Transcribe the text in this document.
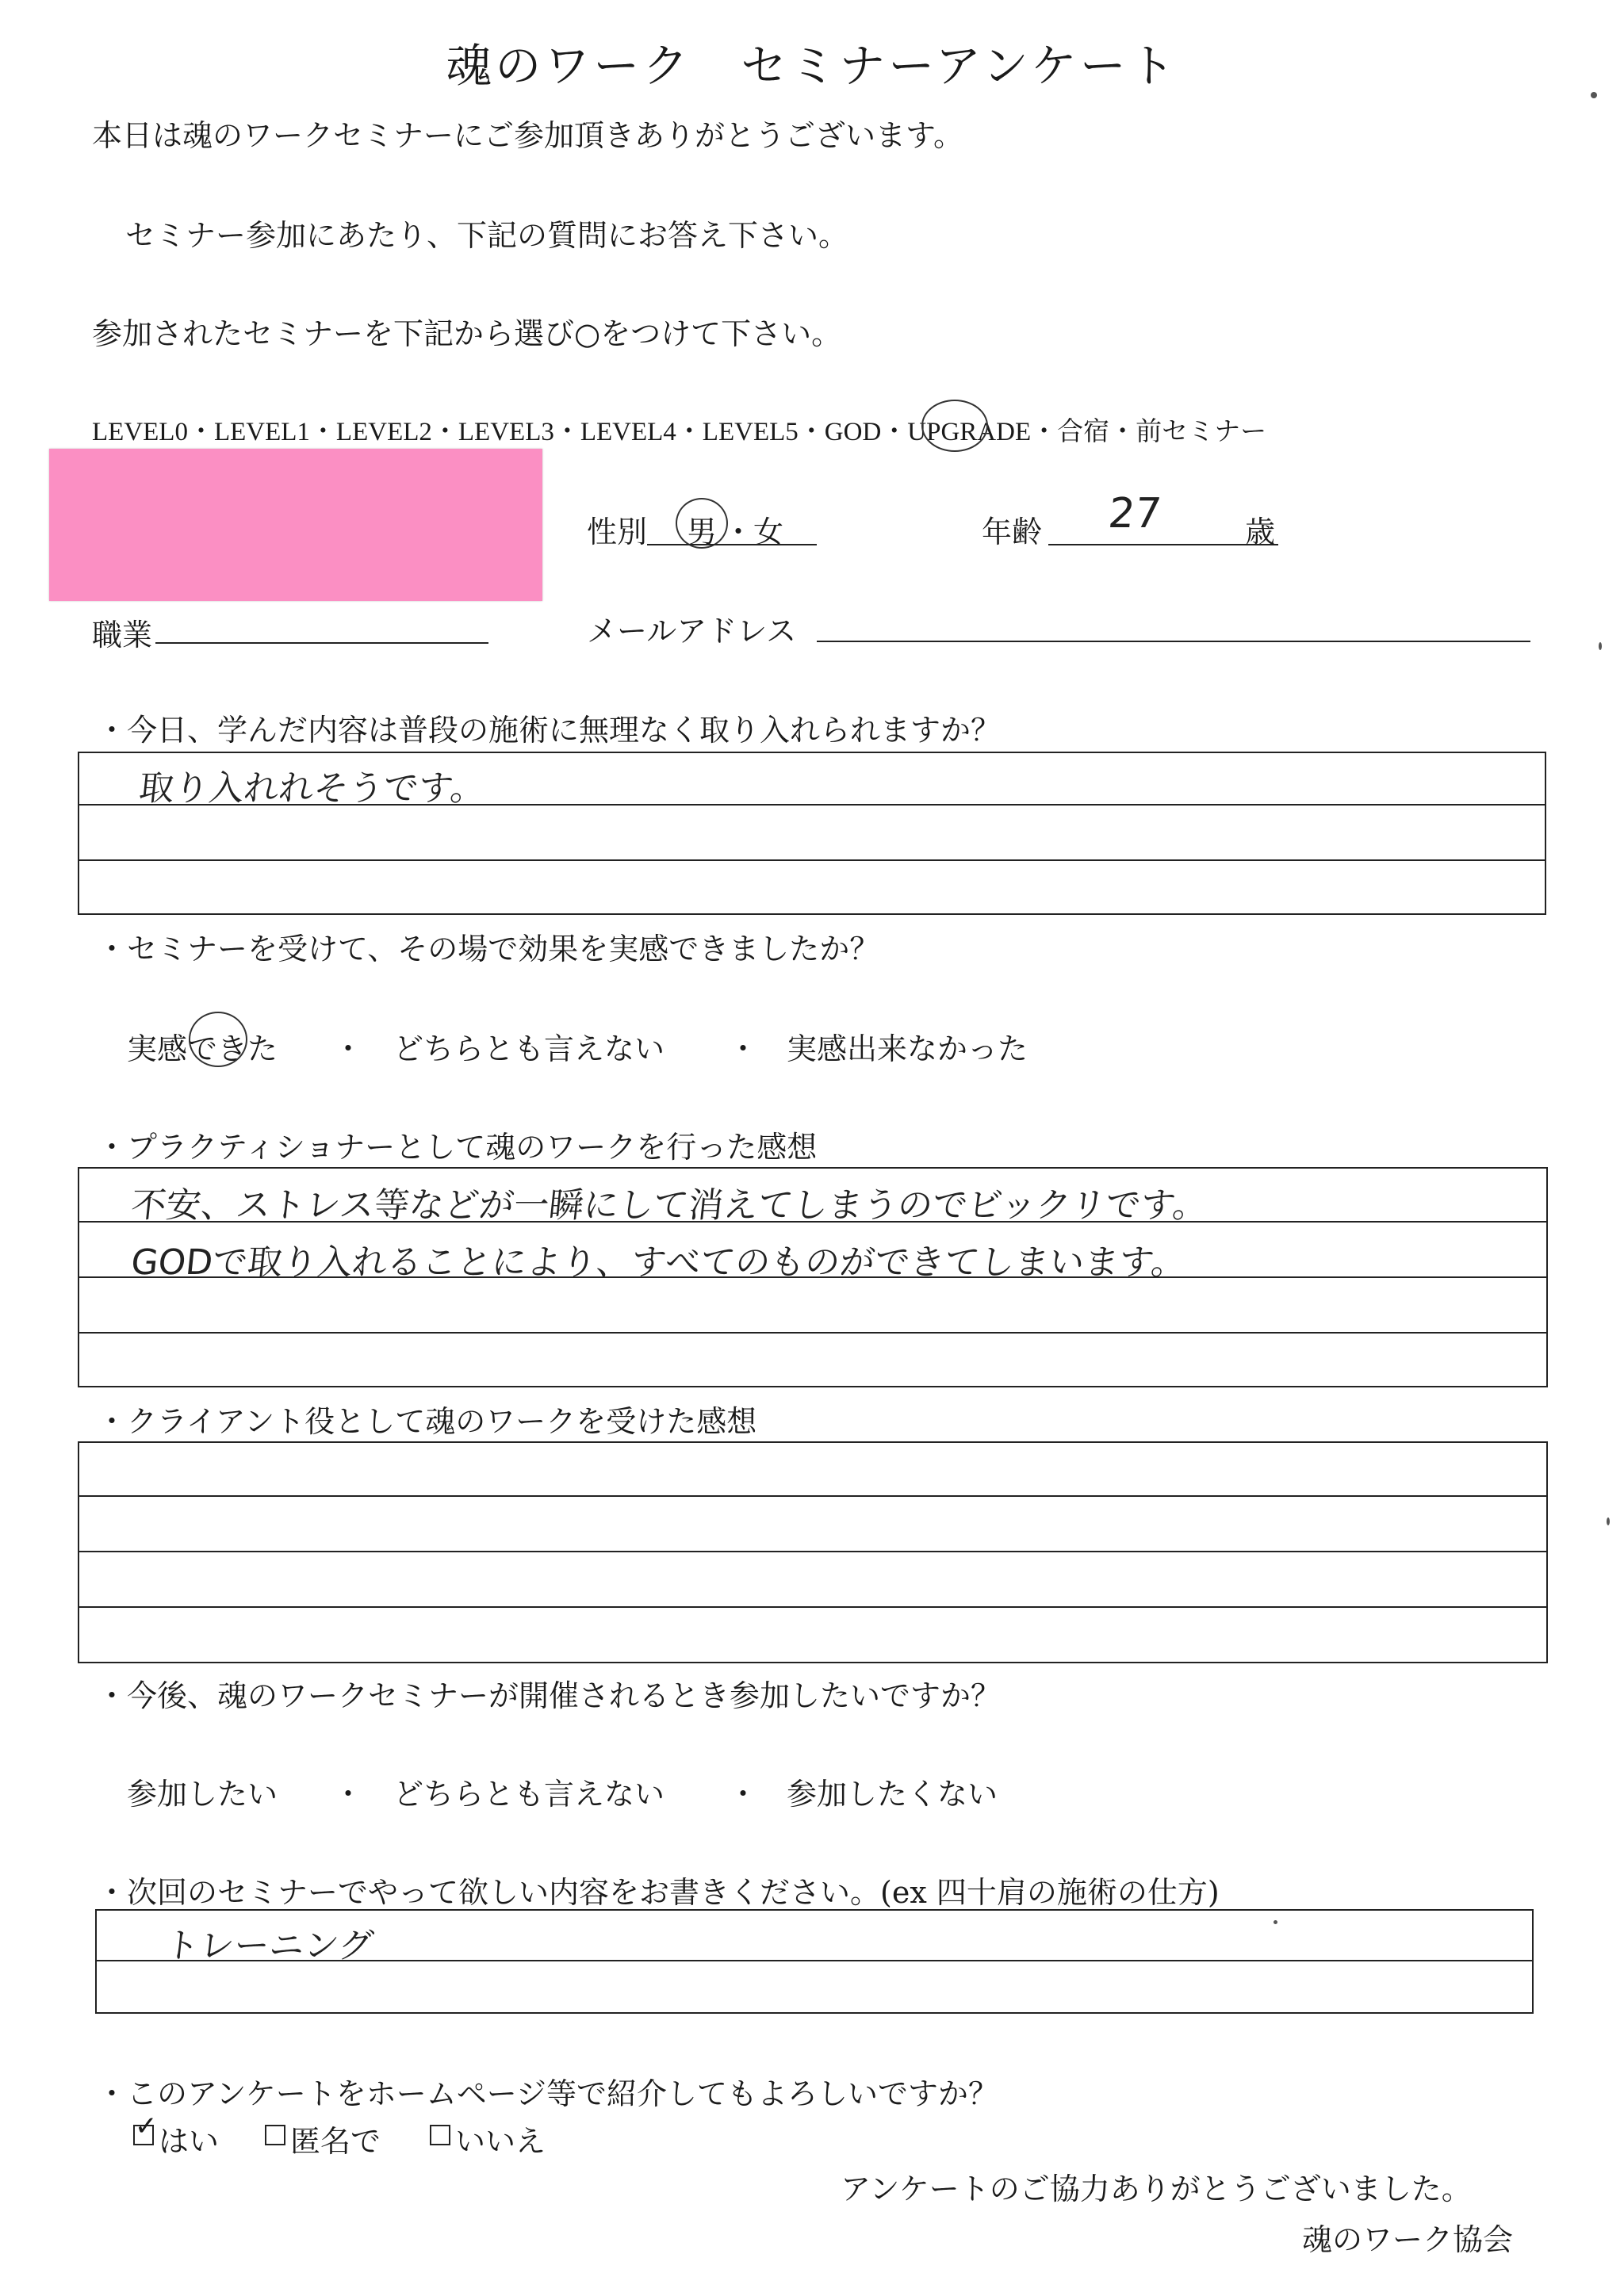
魂のワーク　セミナーアンケート
本日は魂のワークセミナーにご参加頂きありがとうございます。
セミナー参加にあたり、下記の質問にお答え下さい。
参加されたセミナーを下記から選び○をつけて下さい。
LEVEL0・LEVEL1・LEVEL2・LEVEL3・LEVEL4・LEVEL5・GOD・UPGRADE・合宿・前セミナー
性別 男 ・ 女	年齢 27	歳
職業	メールアドレス
・今日、学んだ内容は普段の施術に無理なく取り入れられますか？
取り入れれそうです。
・セミナーを受けて、その場で効果を実感できましたか？
実感できた ・ どちらとも言えない ・ 実感出来なかった
・プラクティショナーとして魂のワークを行った感想
不安、ストレス等などが一瞬にして消えてしまうのでビックリです。
GODで取り入れることにより、すべてのものができてしまいます。
・クライアント役として魂のワークを受けた感想
・今後、魂のワークセミナーが開催されるとき参加したいですか？
参加したい ・ どちらとも言えない ・ 参加したくない
・次回のセミナーでやって欲しい内容をお書きください。(ex 四十肩の施術の仕方)
トレーニング
・このアンケートをホームページ等で紹介してもよろしいですか？
✓ はい 匿名で いいえ
アンケートのご協力ありがとうございました。
魂のワーク協会
